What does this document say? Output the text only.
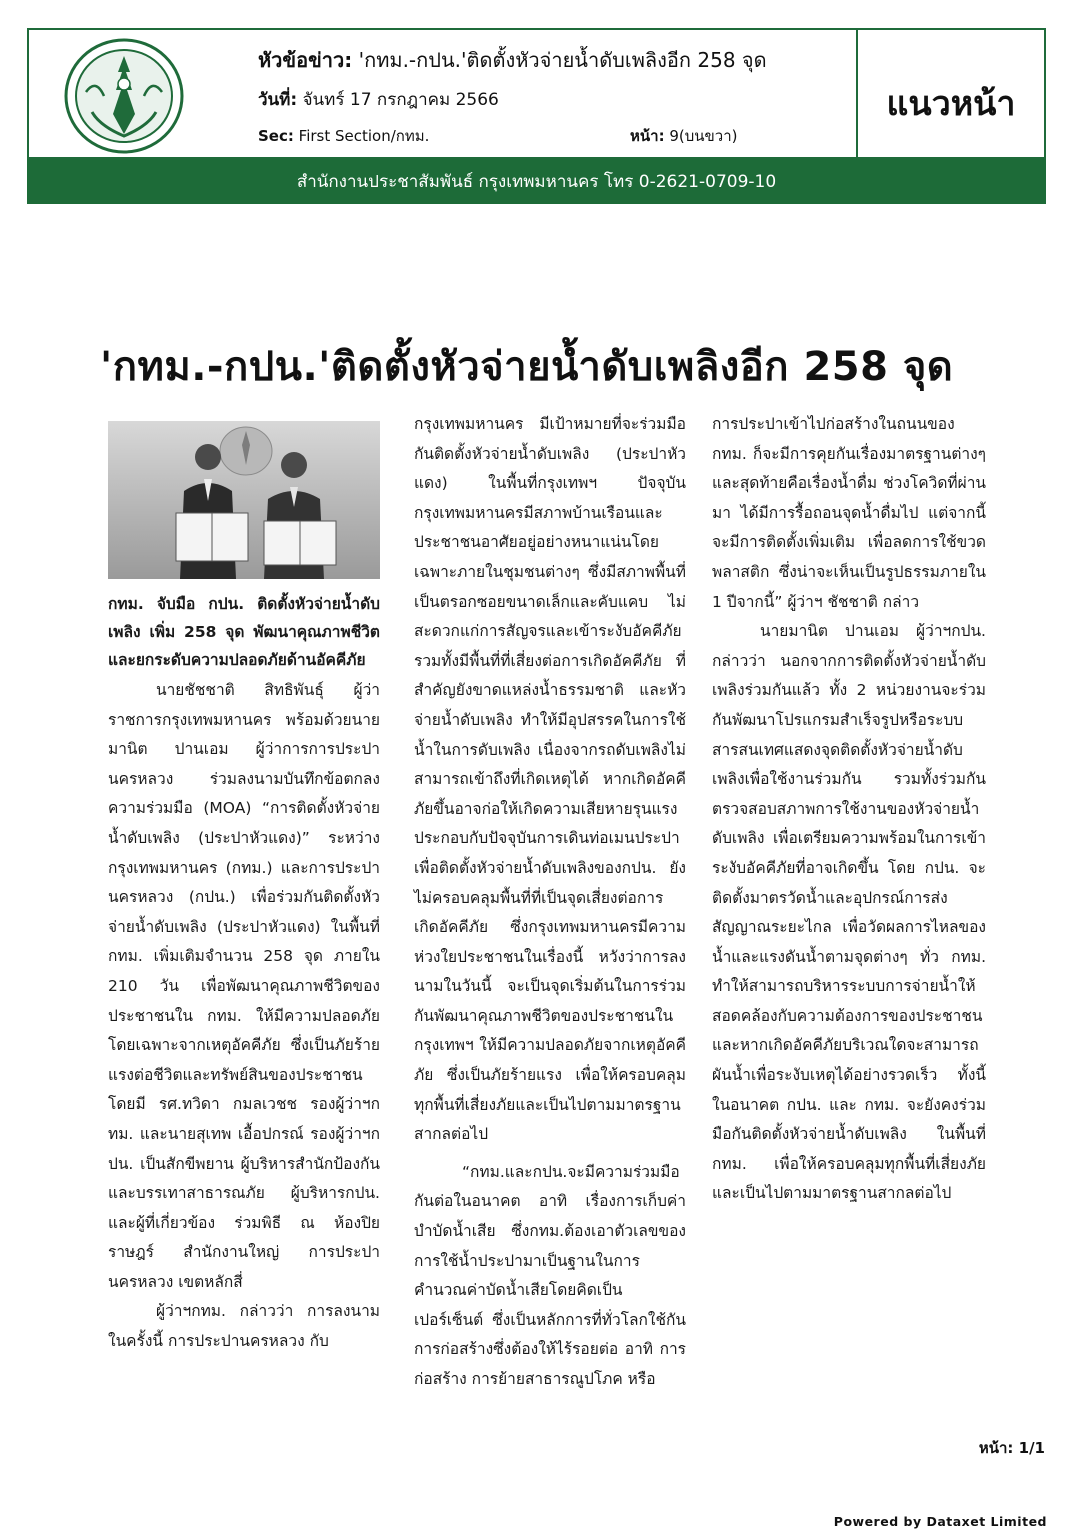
หัวข้อข่าว: 'กทม.-กปน.'ติดตั้งหัวจ่ายน้ำดับเพลิงอีก 258 จุด
วันที่: จันทร์ 17 กรกฎาคม 2566
Sec: First Section/กทม.	หน้า: 9(บนขวา)
แนวหน้า
สำนักงานประชาสัมพันธ์ กรุงเทพมหานคร โทร 0-2621-0709-10
'กทม.-กปน.'ติดตั้งหัวจ่ายน้ำดับเพลิงอีก 258 จุด

กทม. จับมือ กปน. ติดตั้งหัวจ่ายน้ำดับเพลิง เพิ่ม 258 จุด พัฒนาคุณภาพชีวิตและยกระดับความปลอดภัยด้านอัคคีภัย

นายชัชชาติ สิทธิพันธุ์ ผู้ว่าราชการกรุงเทพมหานคร พร้อมด้วยนายมานิต ปานเอม ผู้ว่าการการประปานครหลวง ร่วมลงนามบันทึกข้อตกลงความร่วมมือ (MOA) “การติดตั้งหัวจ่ายน้ำดับเพลิง (ประปาหัวแดง)” ระหว่าง กรุงเทพมหานคร (กทม.) และการประปานครหลวง (กปน.) เพื่อร่วมกันติดตั้งหัวจ่ายน้ำดับเพลิง (ประปาหัวแดง) ในพื้นที่ กทม. เพิ่มเติมจำนวน 258 จุด ภายใน 210 วัน เพื่อพัฒนาคุณภาพชีวิตของประชาชนใน กทม. ให้มีความปลอดภัย โดยเฉพาะจากเหตุอัคคีภัย ซึ่งเป็นภัยร้ายแรงต่อชีวิตและทรัพย์สินของประชาชน โดยมี รศ.ทวิดา กมลเวชช รองผู้ว่าฯกทม. และนายสุเทพ เอื้อปกรณ์ รองผู้ว่าฯกปน. เป็นสักขีพยาน ผู้บริหารสำนักป้องกันและบรรเทาสาธารณภัย ผู้บริหารกปน. และผู้ที่เกี่ยวข้อง ร่วมพิธี ณ ห้องปิยราษฎร์ สำนักงานใหญ่ การประปานครหลวง เขตหลักสี่

ผู้ว่าฯกทม. กล่าวว่า การลงนามในครั้งนี้ การประปานครหลวง กับ

กรุงเทพมหานคร มีเป้าหมายที่จะร่วมมือกันติดตั้งหัวจ่ายน้ำดับเพลิง (ประปาหัวแดง) ในพื้นที่กรุงเทพฯ ปัจจุบันกรุงเทพมหานครมีสภาพบ้านเรือนและประชาชนอาศัยอยู่อย่างหนาแน่นโดยเฉพาะภายในชุมชนต่างๆ ซึ่งมีสภาพพื้นที่เป็นตรอกซอยขนาดเล็กและคับแคบ ไม่สะดวกแก่การสัญจรและเข้าระงับอัคคีภัย รวมทั้งมีพื้นที่ที่เสี่ยงต่อการเกิดอัคคีภัย ที่สำคัญยังขาดแหล่งน้ำธรรมชาติ และหัวจ่ายน้ำดับเพลิง ทำให้มีอุปสรรคในการใช้น้ำในการดับเพลิง เนื่องจากรถดับเพลิงไม่สามารถเข้าถึงที่เกิดเหตุได้ หากเกิดอัคคีภัยขึ้นอาจก่อให้เกิดความเสียหายรุนแรง ประกอบกับปัจจุบันการเดินท่อเมนประปาเพื่อติดตั้งหัวจ่ายน้ำดับเพลิงของกปน. ยังไม่ครอบคลุมพื้นที่ที่เป็นจุดเสี่ยงต่อการเกิดอัคคีภัย ซึ่งกรุงเทพมหานครมีความห่วงใยประชาชนในเรื่องนี้ หวังว่าการลงนามในวันนี้ จะเป็นจุดเริ่มต้นในการร่วมกันพัฒนาคุณภาพชีวิตของประชาชนในกรุงเทพฯ ให้มีความปลอดภัยจากเหตุอัคคีภัย ซึ่งเป็นภัยร้ายแรง เพื่อให้ครอบคลุมทุกพื้นที่เสี่ยงภัยและเป็นไปตามมาตรฐานสากลต่อไป

“กทม.และกปน.จะมีความร่วมมือกันต่อในอนาคต อาทิ เรื่องการเก็บค่าบำบัดน้ำเสีย ซึ่งกทม.ต้องเอาตัวเลขของการใช้น้ำประปามาเป็นฐานในการคำนวณค่าบัดน้ำเสียโดยคิดเป็นเปอร์เซ็นต์ ซึ่งเป็นหลักการที่ทั่วโลกใช้กัน การก่อสร้างซึ่งต้องให้ไร้รอยต่อ อาทิ การก่อสร้าง การย้ายสาธารณูปโภค หรือ

การประปาเข้าไปก่อสร้างในถนนของ กทม. ก็จะมีการคุยกันเรื่องมาตรฐานต่างๆ และสุดท้ายคือเรื่องน้ำดื่ม ช่วงโควิดที่ผ่านมา ได้มีการรื้อถอนจุดน้ำดื่มไป แต่จากนี้จะมีการติดตั้งเพิ่มเติม เพื่อลดการใช้ขวดพลาสติก ซึ่งน่าจะเห็นเป็นรูปธรรมภายใน 1 ปีจากนี้” ผู้ว่าฯ ชัชชาติ กล่าว

นายมานิต ปานเอม ผู้ว่าฯกปน. กล่าวว่า นอกจากการติดตั้งหัวจ่ายน้ำดับเพลิงร่วมกันแล้ว ทั้ง 2 หน่วยงานจะร่วมกันพัฒนาโปรแกรมสำเร็จรูปหรือระบบสารสนเทศแสดงจุดติดตั้งหัวจ่ายน้ำดับเพลิงเพื่อใช้งานร่วมกัน รวมทั้งร่วมกันตรวจสอบสภาพการใช้งานของหัวจ่ายน้ำดับเพลิง เพื่อเตรียมความพร้อมในการเข้าระงับอัคคีภัยที่อาจเกิดขึ้น โดย กปน. จะติดตั้งมาตรวัดน้ำและอุปกรณ์การส่งสัญญาณระยะไกล เพื่อวัดผลการไหลของน้ำและแรงดันน้ำตามจุดต่างๆ ทั่ว กทม. ทำให้สามารถบริหารระบบการจ่ายน้ำให้สอดคล้องกับความต้องการของประชาชน และหากเกิดอัคคีภัยบริเวณใดจะสามารถผันน้ำเพื่อระงับเหตุได้อย่างรวดเร็ว ทั้งนี้ ในอนาคต กปน. และ กทม. จะยังคงร่วมมือกันติดตั้งหัวจ่ายน้ำดับเพลิง ในพื้นที่ กทม. เพื่อให้ครอบคลุมทุกพื้นที่เสี่ยงภัยและเป็นไปตามมาตรฐานสากลต่อไป

หน้า: 1/1
Powered by Dataxet Limited
